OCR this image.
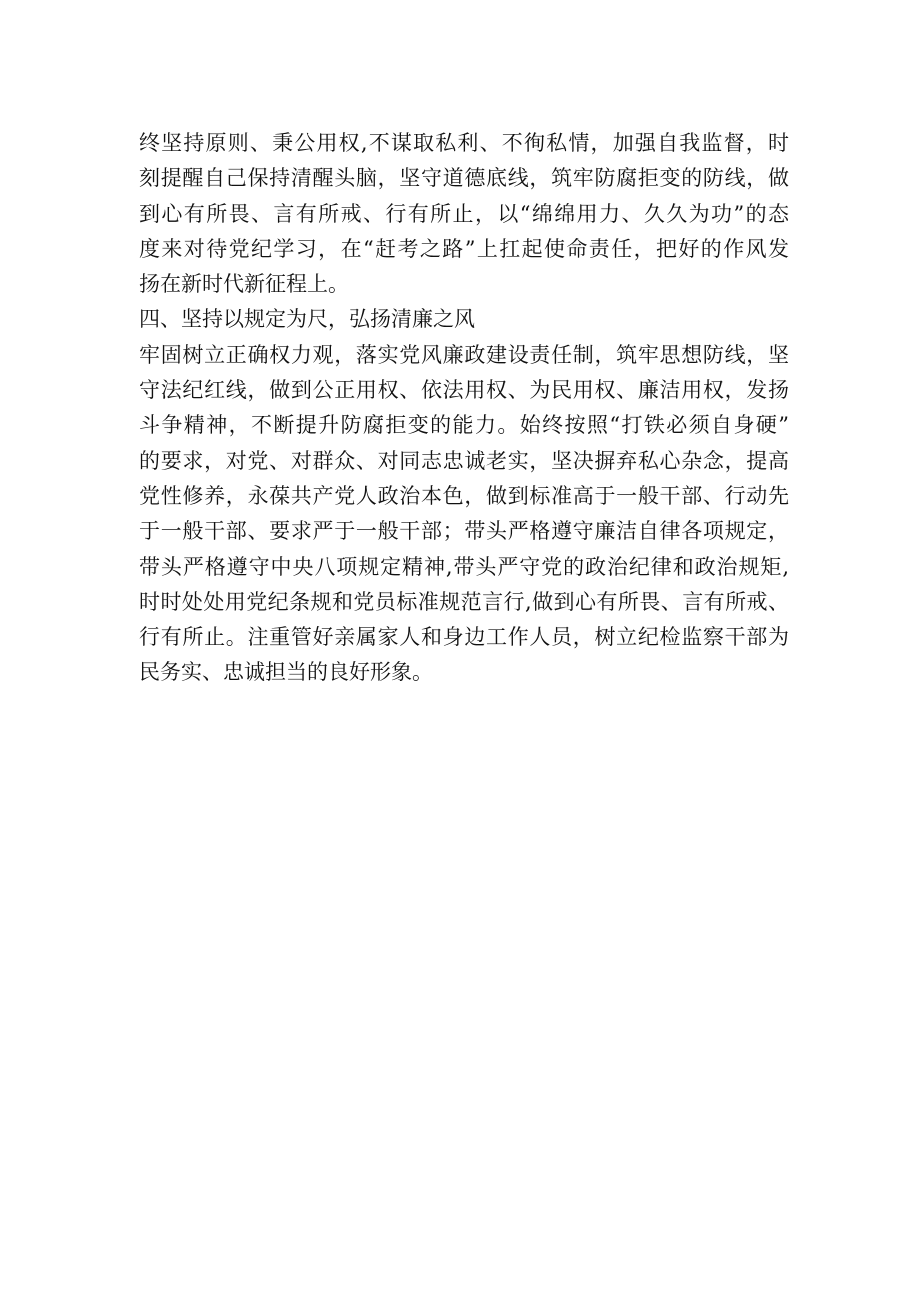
终坚持原则、秉公用权,不谋取私利、不徇私情，加强自我监督，时
刻提醒自己保持清醒头脑，坚守道德底线，筑牢防腐拒变的防线，做
到心有所畏、言有所戒、行有所止，以“绵绵用力、久久为功”的态
度来对待党纪学习，在“赶考之路”上扛起使命责任，把好的作风发
扬在新时代新征程上。
四、坚持以规定为尺，弘扬清廉之风
牢固树立正确权力观，落实党风廉政建设责任制，筑牢思想防线，坚
守法纪红线，做到公正用权、依法用权、为民用权、廉洁用权，发扬
斗争精神，不断提升防腐拒变的能力。始终按照“打铁必须自身硬”
的要求，对党、对群众、对同志忠诚老实，坚决摒弃私心杂念，提高
党性修养，永葆共产党人政治本色，做到标准高于一般干部、行动先
于一般干部、要求严于一般干部；带头严格遵守廉洁自律各项规定，
带头严格遵守中央八项规定精神,带头严守党的政治纪律和政治规矩,
时时处处用党纪条规和党员标准规范言行,做到心有所畏、言有所戒、
行有所止。注重管好亲属家人和身边工作人员，树立纪检监察干部为
民务实、忠诚担当的良好形象。
